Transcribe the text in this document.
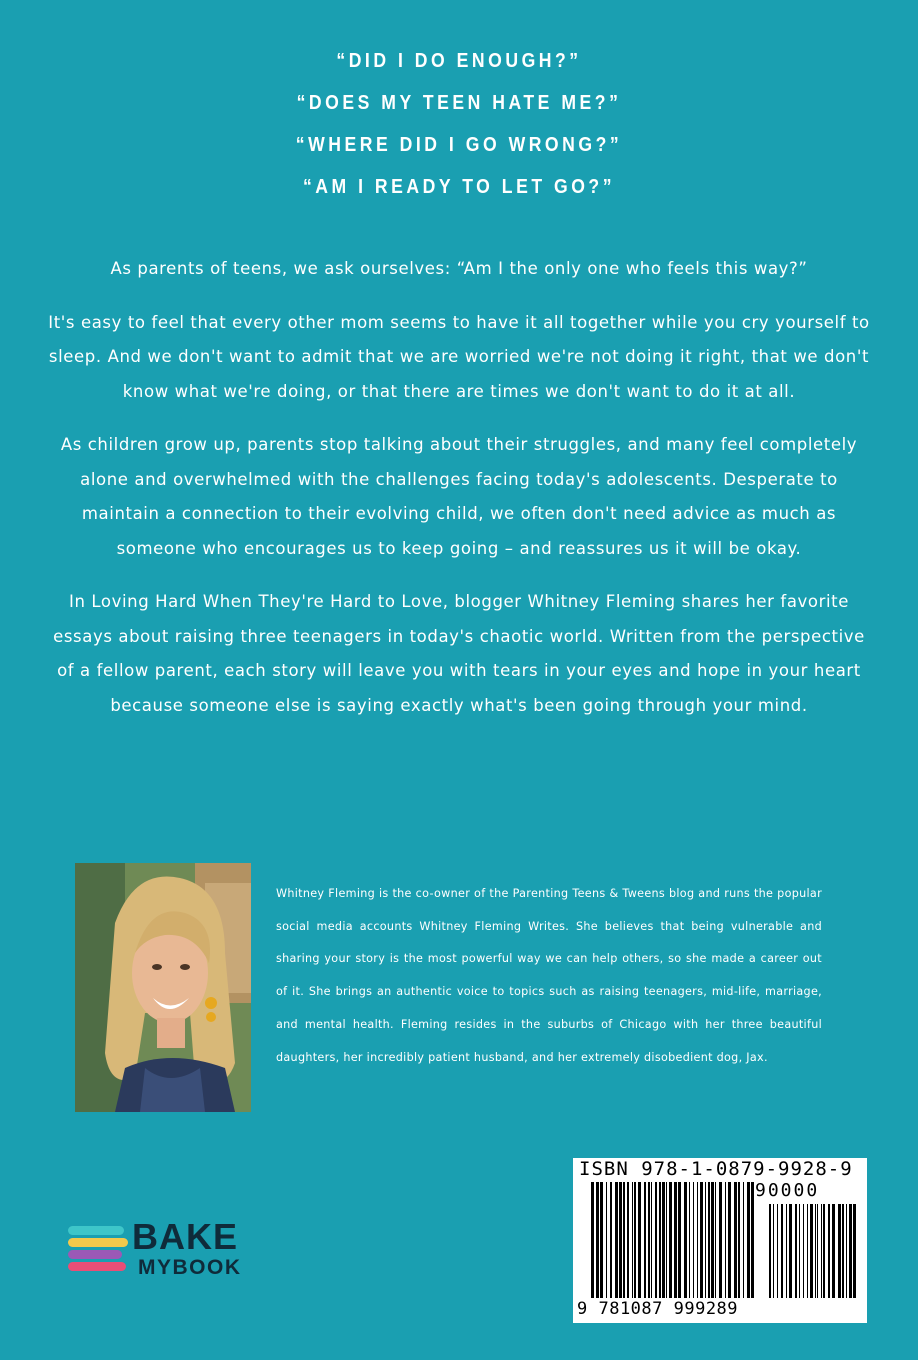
“DID I DO ENOUGH?”
“DOES MY TEEN HATE ME?”
“WHERE DID I GO WRONG?”
“AM I READY TO LET GO?”

As parents of teens, we ask ourselves: “Am I the only one who feels this way?”

It's easy to feel that every other mom seems to have it all together while you cry yourself to sleep. And we don't want to admit that we are worried we're not doing it right, that we don't know what we're doing, or that there are times we don't want to do it at all.

As children grow up, parents stop talking about their struggles, and many feel completely alone and overwhelmed with the challenges facing today's adolescents. Desperate to maintain a connection to their evolving child, we often don't need advice as much as someone who encourages us to keep going – and reassures us it will be okay.

In Loving Hard When They're Hard to Love, blogger Whitney Fleming shares her favorite essays about raising three teenagers in today's chaotic world. Written from the perspective of a fellow parent, each story will leave you with tears in your eyes and hope in your heart because someone else is saying exactly what's been going through your mind.

Whitney Fleming is the co-owner of the Parenting Teens & Tweens blog and runs the popular social media accounts Whitney Fleming Writes. She believes that being vulnerable and sharing your story is the most powerful way we can help others, so she made a career out of it. She brings an authentic voice to topics such as raising teenagers, mid-life, marriage, and mental health. Fleming resides in the suburbs of Chicago with her three beautiful daughters, her incredibly patient husband, and her extremely disobedient dog, Jax.
BAKE
MYBOOK
ISBN 978-1-0879-9928-9
90000
9 781087 999289
